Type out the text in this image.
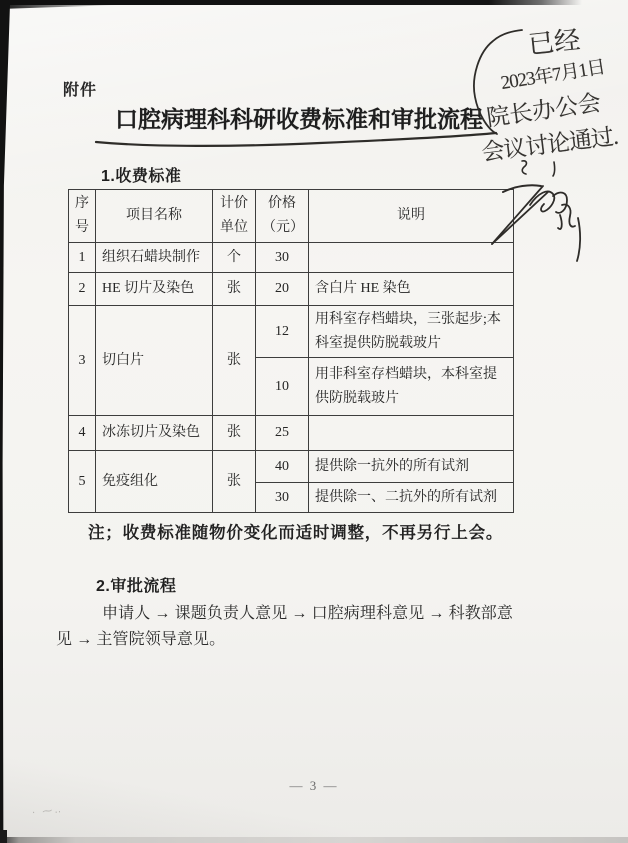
· ⁓‥
附件
口腔病理科科研收费标准和审批流程
1.收费标准
序号	项目名称	计价单位	价格（元）	说明
1	组织石蜡块制作	个	30	
2	HE 切片及染色	张	20	含白片 HE 染色
3	切白片	张	12	用科室存档蜡块，三张起步;本科室提供防脱载玻片
			10	用非科室存档蜡块，本科室提供防脱载玻片
4	冰冻切片及染色	张	25	
5	免疫组化	张	40	提供除一抗外的所有试剂
			30	提供除一、二抗外的所有试剂
注；收费标准随物价变化而适时调整，不再另行上会。
2.审批流程
申请人 → 课题负责人意见 → 口腔病理科意见 → 科教部意
见 → 主管院领导意见。
— 3 —
已经
2023年7月1日
院长办公会
会议讨论通过.
